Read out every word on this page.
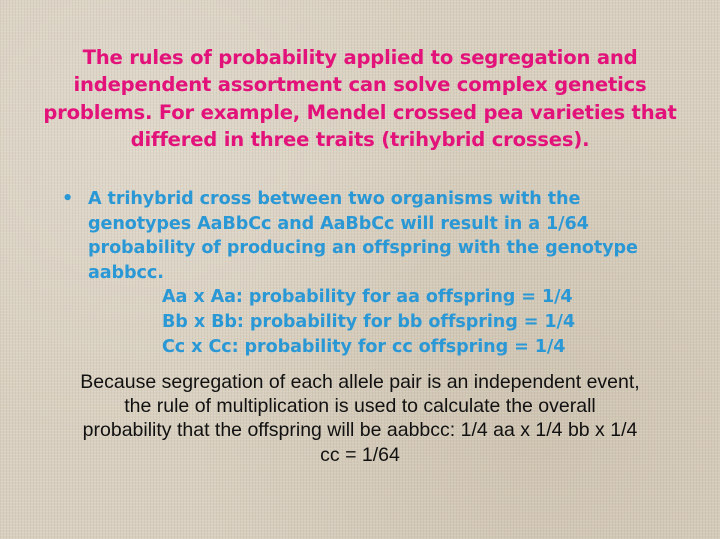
The rules of probability applied to segregation and
independent assortment can solve complex genetics
problems. For example, Mendel crossed pea varieties that
differed in three traits (trihybrid crosses).
• A trihybrid cross between two organisms with the
genotypes AaBbCc and AaBbCc will result in a 1/64
probability of producing an offspring with the genotype
aabbcc.
Aa x Aa: probability for aa offspring = 1/4
Bb x Bb: probability for bb offspring = 1/4
Cc x Cc: probability for cc offspring = 1/4
Because segregation of each allele pair is an independent event,
the rule of multiplication is used to calculate the overall
probability that the offspring will be aabbcc: 1/4 aa x 1/4 bb x 1/4
cc = 1/64
